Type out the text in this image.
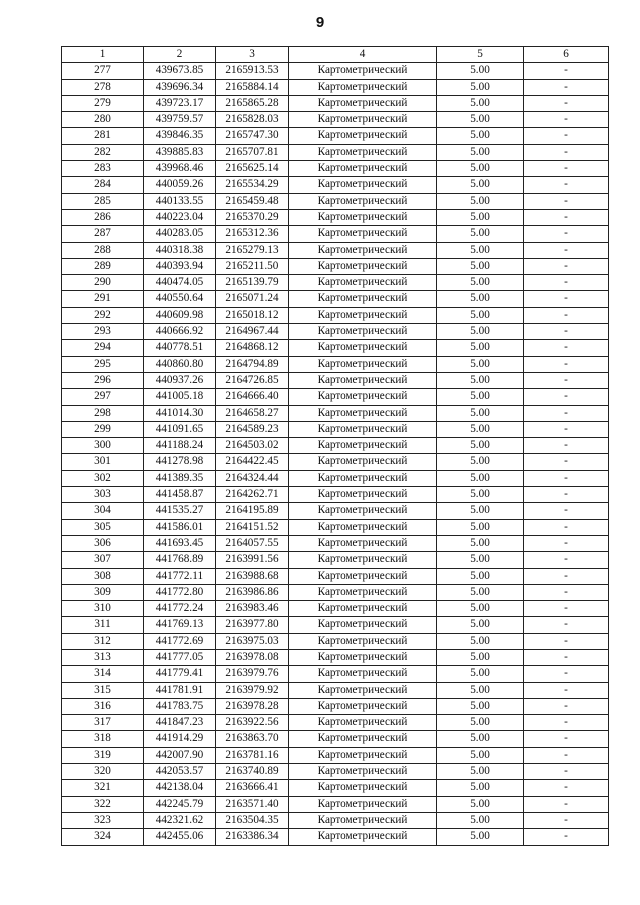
9
1	2	3	4	5	6
277	439673.85	2165913.53	Картометрический	5.00	-
278	439696.34	2165884.14	Картометрический	5.00	-
279	439723.17	2165865.28	Картометрический	5.00	-
280	439759.57	2165828.03	Картометрический	5.00	-
281	439846.35	2165747.30	Картометрический	5.00	-
282	439885.83	2165707.81	Картометрический	5.00	-
283	439968.46	2165625.14	Картометрический	5.00	-
284	440059.26	2165534.29	Картометрический	5.00	-
285	440133.55	2165459.48	Картометрический	5.00	-
286	440223.04	2165370.29	Картометрический	5.00	-
287	440283.05	2165312.36	Картометрический	5.00	-
288	440318.38	2165279.13	Картометрический	5.00	-
289	440393.94	2165211.50	Картометрический	5.00	-
290	440474.05	2165139.79	Картометрический	5.00	-
291	440550.64	2165071.24	Картометрический	5.00	-
292	440609.98	2165018.12	Картометрический	5.00	-
293	440666.92	2164967.44	Картометрический	5.00	-
294	440778.51	2164868.12	Картометрический	5.00	-
295	440860.80	2164794.89	Картометрический	5.00	-
296	440937.26	2164726.85	Картометрический	5.00	-
297	441005.18	2164666.40	Картометрический	5.00	-
298	441014.30	2164658.27	Картометрический	5.00	-
299	441091.65	2164589.23	Картометрический	5.00	-
300	441188.24	2164503.02	Картометрический	5.00	-
301	441278.98	2164422.45	Картометрический	5.00	-
302	441389.35	2164324.44	Картометрический	5.00	-
303	441458.87	2164262.71	Картометрический	5.00	-
304	441535.27	2164195.89	Картометрический	5.00	-
305	441586.01	2164151.52	Картометрический	5.00	-
306	441693.45	2164057.55	Картометрический	5.00	-
307	441768.89	2163991.56	Картометрический	5.00	-
308	441772.11	2163988.68	Картометрический	5.00	-
309	441772.80	2163986.86	Картометрический	5.00	-
310	441772.24	2163983.46	Картометрический	5.00	-
311	441769.13	2163977.80	Картометрический	5.00	-
312	441772.69	2163975.03	Картометрический	5.00	-
313	441777.05	2163978.08	Картометрический	5.00	-
314	441779.41	2163979.76	Картометрический	5.00	-
315	441781.91	2163979.92	Картометрический	5.00	-
316	441783.75	2163978.28	Картометрический	5.00	-
317	441847.23	2163922.56	Картометрический	5.00	-
318	441914.29	2163863.70	Картометрический	5.00	-
319	442007.90	2163781.16	Картометрический	5.00	-
320	442053.57	2163740.89	Картометрический	5.00	-
321	442138.04	2163666.41	Картометрический	5.00	-
322	442245.79	2163571.40	Картометрический	5.00	-
323	442321.62	2163504.35	Картометрический	5.00	-
324	442455.06	2163386.34	Картометрический	5.00	-
